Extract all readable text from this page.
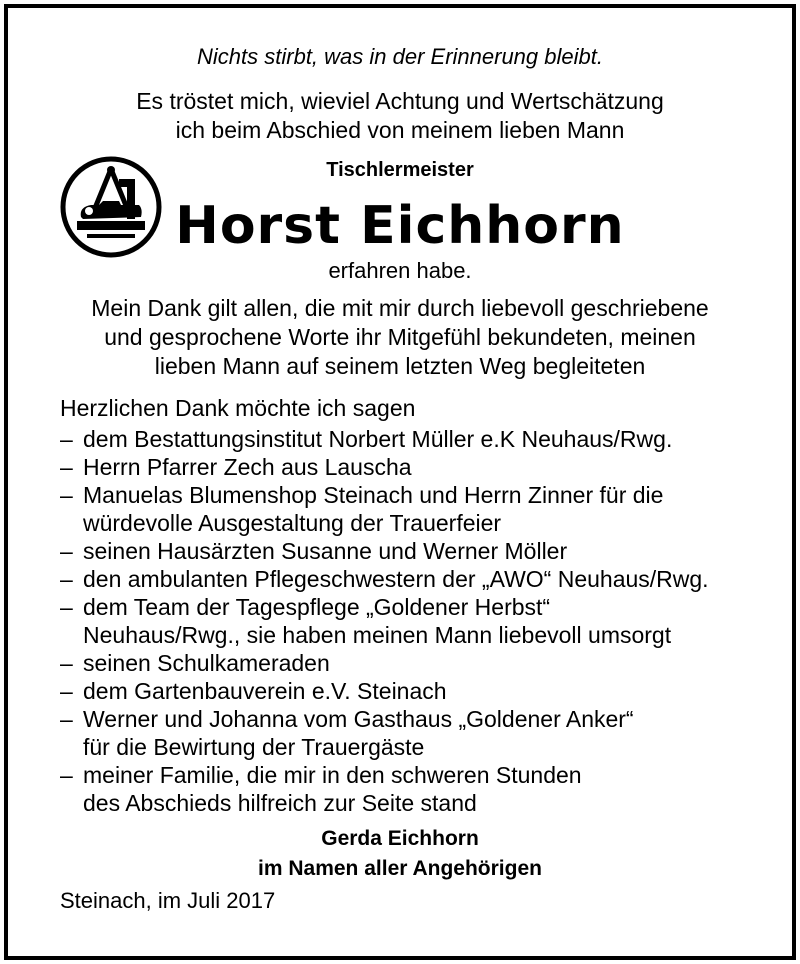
Nichts stirbt, was in der Erinnerung bleibt.
Es tröstet mich, wieviel Achtung und Wertschätzung
ich beim Abschied von meinem lieben Mann
Tischlermeister
Horst Eichhorn
erfahren habe.
Mein Dank gilt allen, die mit mir durch liebevoll geschriebene
und gesprochene Worte ihr Mitgefühl bekundeten, meinen
lieben Mann auf seinem letzten Weg begleiteten
Herzlichen Dank möchte ich sagen
– dem Bestattungsinstitut Norbert Müller e.K Neuhaus/Rwg.
– Herrn Pfarrer Zech aus Lauscha
– Manuelas Blumenshop Steinach und Herrn Zinner für die
würdevolle Ausgestaltung der Trauerfeier
– seinen Hausärzten Susanne und Werner Möller
– den ambulanten Pflegeschwestern der „AWO“ Neuhaus/Rwg.
– dem Team der Tagespflege „Goldener Herbst“
Neuhaus/Rwg., sie haben meinen Mann liebevoll umsorgt
– seinen Schulkameraden
– dem Gartenbauverein e.V. Steinach
– Werner und Johanna vom Gasthaus „Goldener Anker“
für die Bewirtung der Trauergäste
– meiner Familie, die mir in den schweren Stunden
des Abschieds hilfreich zur Seite stand
Gerda Eichhorn
im Namen aller Angehörigen
Steinach, im Juli 2017
